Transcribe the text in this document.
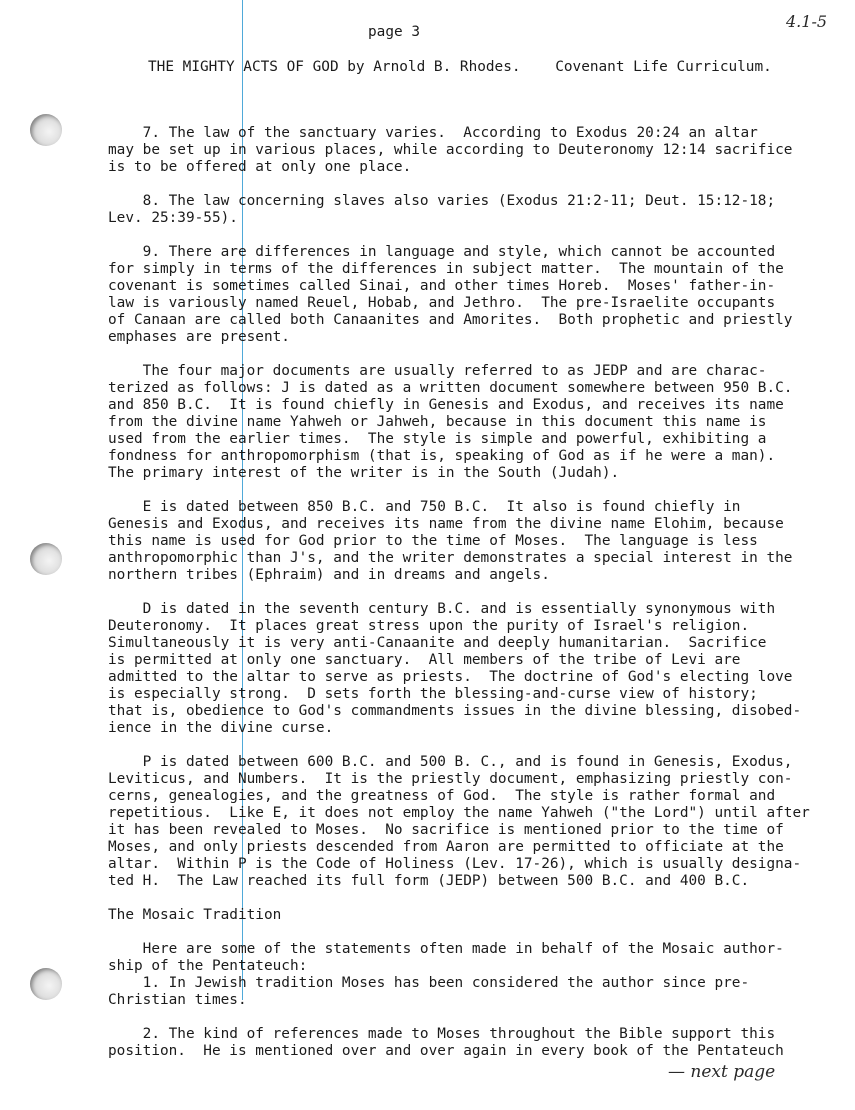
page 3
4.1-5
THE MIGHTY ACTS OF GOD by Arnold B. Rhodes.    Covenant Life Curriculum.

7. The law of the sanctuary varies.  According to Exodus 20:24 an altar
may be set up in various places, while according to Deuteronomy 12:14 sacrifice
is to be offered at only one place.

8. The law concerning slaves also varies (Exodus 21:2-11; Deut. 15:12-18;
Lev. 25:39-55).

9. There are differences in language and style, which cannot be accounted
for simply in terms of the differences in subject matter.  The mountain of the
covenant is sometimes called Sinai, and other times Horeb.  Moses' father-in-
law is variously named Reuel, Hobab, and Jethro.  The pre-Israelite occupants
of Canaan are called both Canaanites and Amorites.  Both prophetic and priestly
emphases are present.

The four major documents are usually referred to as JEDP and are charac-
terized as follows: J is dated as a written document somewhere between 950 B.C.
and 850 B.C.  It is found chiefly in Genesis and Exodus, and receives its name
from the divine name Yahweh or Jahweh, because in this document this name is
used from the earlier times.  The style is simple and powerful, exhibiting a
fondness for anthropomorphism (that is, speaking of God as if he were a man).
The primary interest of the writer is in the South (Judah).

E is dated between 850 B.C. and 750 B.C.  It also is found chiefly in
Genesis and Exodus, and receives its name from the divine name Elohim, because
this name is used for God prior to the time of Moses.  The language is less
anthropomorphic than J's, and the writer demonstrates a special interest in the
northern tribes (Ephraim) and in dreams and angels.

D is dated in the seventh century B.C. and is essentially synonymous with
Deuteronomy.  It places great stress upon the purity of Israel's religion.
Simultaneously it is very anti-Canaanite and deeply humanitarian.  Sacrifice
is permitted at only one sanctuary.  All members of the tribe of Levi are
admitted to the altar to serve as priests.  The doctrine of God's electing love
is especially strong.  D sets forth the blessing-and-curse view of history;
that is, obedience to God's commandments issues in the divine blessing, disobed-
ience in the divine curse.

P is dated between 600 B.C. and 500 B. C., and is found in Genesis, Exodus,
Leviticus, and Numbers.  It is the priestly document, emphasizing priestly con-
cerns, genealogies, and the greatness of God.  The style is rather formal and
repetitious.  Like E, it does not employ the name Yahweh ("the Lord") until after
it has been revealed to Moses.  No sacrifice is mentioned prior to the time of
Moses, and only priests descended from Aaron are permitted to officiate at the
altar.  Within P is the Code of Holiness (Lev. 17-26), which is usually designa-
ted H.  The Law reached its full form (JEDP) between 500 B.C. and 400 B.C.

The Mosaic Tradition

Here are some of the statements often made in behalf of the Mosaic author-
ship of the Pentateuch:
1. In Jewish tradition Moses has been considered the author since pre-
Christian times.

2. The kind of references made to Moses throughout the Bible support this
position.  He is mentioned over and over again in every book of the Pentateuch

— next page
